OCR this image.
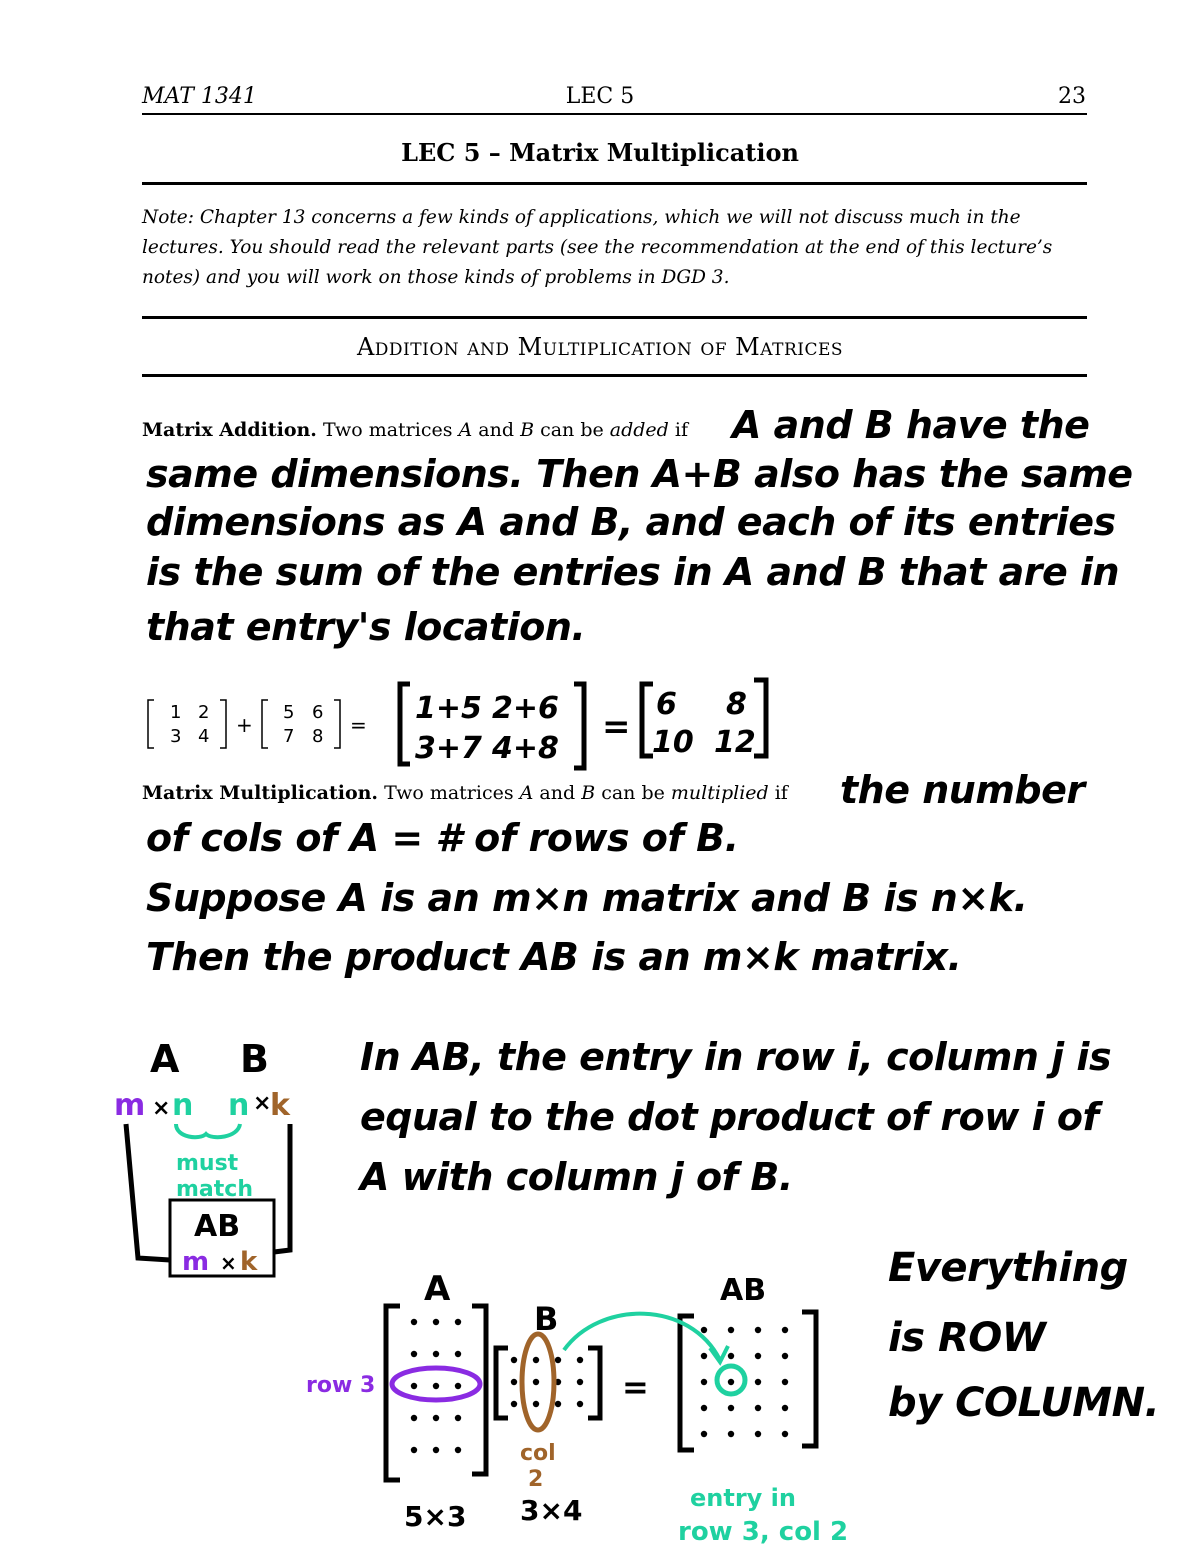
MAT 1341	LEC 5	23
LEC 5 – Matrix Multiplication
Note: Chapter 13 concerns a few kinds of applications, which we will not discuss much in the lectures. You should read the relevant parts (see the recommendation at the end of this lecture’s notes) and you will work on those kinds of problems in DGD 3.
Addition and Multiplication of Matrices
Matrix Addition. Two matrices A and B can be added if A and B have the
same dimensions. Then A+B also has the same
dimensions as A and B, and each of its entries
is the sum of the entries in A and B that are in
that entry's location.
1 2
3 4 +
5 6
7 8 = 1+5 2+6
3+7 4+8
=
6 8
10 12
Matrix Multiplication. Two matrices A and B can be multiplied if the number
of cols of A = # of rows of B.
Suppose A is an m×n matrix and B is n×k.
Then the product AB is an m×k matrix.
A B
m × n n ×
k
must
match
AB
m × k
In AB, the entry in row i, column j is
equal to the dot product of row i of
A with column j of B.
A
B
AB
=
row 3
col
2
5×3 3×4	entry in
row 3, col 2
Everything
is ROW
by COLUMN.
